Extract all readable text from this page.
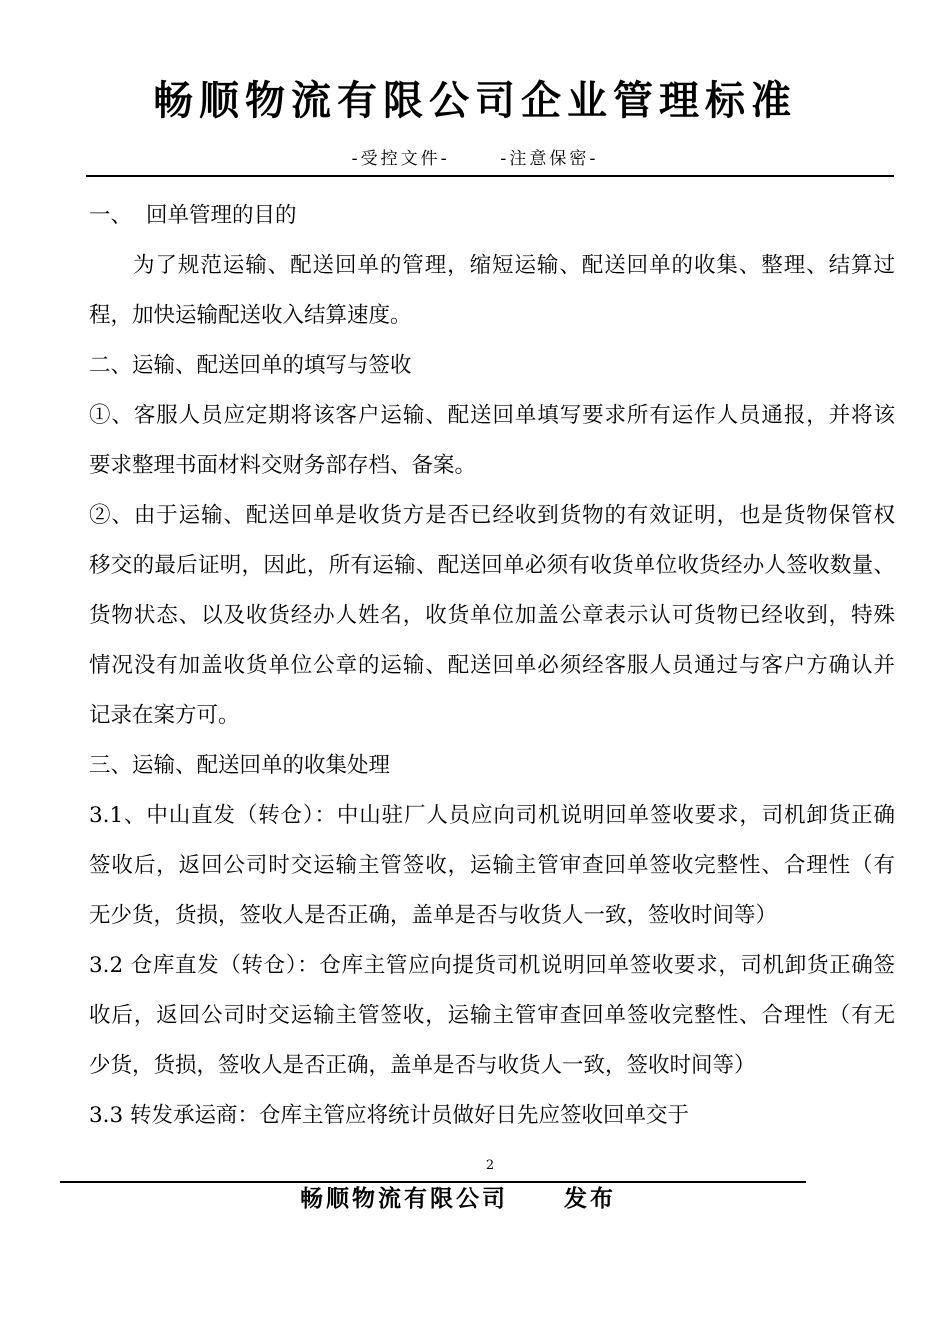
畅顺物流有限公司企业管理标准
-受控文件-	-注意保密-
一、 回单管理的目的
为了规范运输、配送回单的管理，缩短运输、配送回单的收集、整理、结算过
程，加快运输配送收入结算速度。
二、运输、配送回单的填写与签收
①、客服人员应定期将该客户运输、配送回单填写要求所有运作人员通报，并将该
要求整理书面材料交财务部存档、备案。
②、由于运输、配送回单是收货方是否已经收到货物的有效证明，也是货物保管权
移交的最后证明，因此，所有运输、配送回单必须有收货单位收货经办人签收数量、
货物状态、以及收货经办人姓名，收货单位加盖公章表示认可货物已经收到，特殊
情况没有加盖收货单位公章的运输、配送回单必须经客服人员通过与客户方确认并
记录在案方可。
三、运输、配送回单的收集处理
3.1、中山直发（转仓）：中山驻厂人员应向司机说明回单签收要求，司机卸货正确
签收后，返回公司时交运输主管签收，运输主管审查回单签收完整性、合理性（有
无少货，货损，签收人是否正确，盖单是否与收货人一致，签收时间等）
3.2 仓库直发（转仓）：仓库主管应向提货司机说明回单签收要求，司机卸货正确签
收后，返回公司时交运输主管签收，运输主管审查回单签收完整性、合理性（有无
少货，货损，签收人是否正确，盖单是否与收货人一致，签收时间等）
3.3 转发承运商：仓库主管应将统计员做好日先应签收回单交于
2
畅顺物流有限公司 发布
